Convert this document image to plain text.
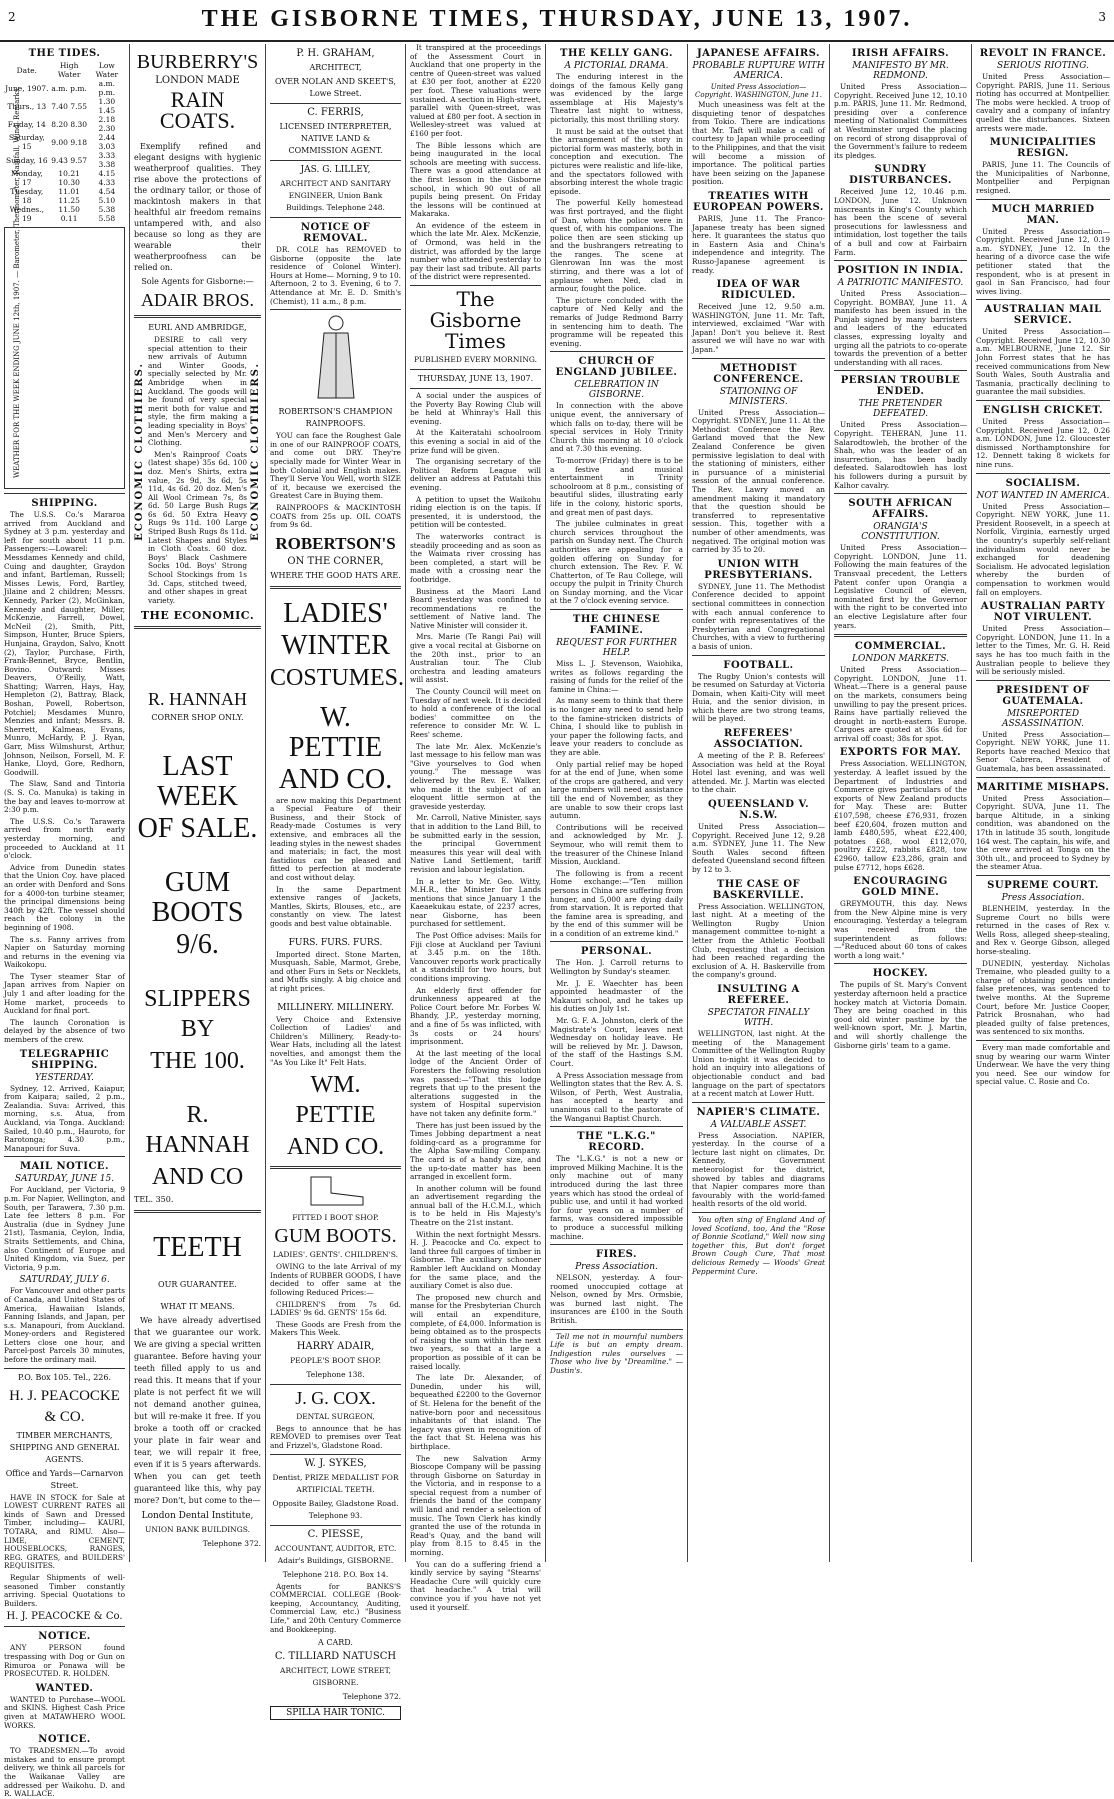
2	THE GISBORNE TIMES, THURSDAY, JUNE 13, 1907.	3
THE TIDES.
Date.	High Water	Low Water
June, 1907.	a.m. p.m.	a.m. p.m.
Thurs., 13	7.40 7.55	1.30 1.45
Friday, 14	8.20 8.30	2.18 2.30
Saturday, 15	9.00 9.18	2.44 3.03
Sunday, 16	9.43 9.57	3.33 3.38
Monday, 17	10.21 10.30	4.15 4.33
Tuesday, 18	11.01 11.25	4.54 5.10
Wednes., 19	11.50 0.11	5.38 5.58
WEATHER FOR THE WEEK ENDING JUNE 12th, 1907. — Barometer, Thermometer, Rainfall, Wind, Remarks.
SHIPPING.

The U.S.S. Co.'s Mararoa arrived from Auckland and Sydney at 3 p.m. yesterday and left for south about 11 p.m. Passengers:—Lowarel: Messdames Kennedy and child, Cuing and daughter, Graydon and infant, Bartleman, Russell; Misses Lewis, Ford, Bartley, Jilaine and 2 children; Messrs. Kennedy, Parker (2), McGinkan, Kennedy and daughter, Miller, McKenzie, Farrell, Dowel, McNeil (2), Smith, Pitt, Simpson, Hunter, Bruce Spiers, Hunjaina, Graydon, Salvo, Knott (2), Taylor, Purchase, Firth, Frank-Bennet, Bryce, Bentlin, Bovino. Outward: Misses Deavers, O'Reilly, Watt, Shatting; Warren, Hays, Hay, Hempleton (2), Battray, Black, Boshan, Powell, Robertson, Potchiel; Mesdames Munro, Menzies and infant; Messrs. B. Sherrett, Kalmeas, Evans, Munro, McHardy, P. J. Ryan, Garr, Miss Wilmshurst, Arthur, Johnson, Neilson, Forsell, M. F. Hanke, Lloyd, Gore, Redhorn, Goodwill.

The Slaw, Sand and Tintoria (S. S. Co. Manuka) is taking in the bay and leaves to-morrow at 2:30 p.m.

The U.S.S. Co.'s Tarawera arrived from north early yesterday morning, and proceeded to Auckland at 11 o'clock.

Advice from Dunedin states that the Union Coy. have placed an order with Denford and Sons for a 4000-ton turbine steamer, the principal dimensions being 340ft by 42ft. The vessel should reach the colony in the beginning of 1908.

The s.s. Fanny arrives from Napier on Saturday morning and returns in the evening via Waikokopu.

The Tyser steamer Star of Japan arrives from Napier on July 1 and after loading for the Home market, proceeds to Auckland for final port.

The launch Coronation is delayed by the absence of two members of the crew.

TELEGRAPHIC SHIPPING.
YESTERDAY.

Sydney, 12. Arrived, Kaiapur, from Kaipara; sailed, 2 p.m., Zealandia. Suva: Arrived, this morning, s.s. Atua, from Auckland, via Tonga. Auckland: Sailed, 10.40 p.m., Hauroto, for Rarotonga; 4.30 p.m., Manapouri for Suva.

MAIL NOTICE.
SATURDAY, JUNE 15.

For Auckland, per Victoria, 9 p.m. For Napier, Wellington, and South, per Tarawera, 7.30 p.m. Late fee letters 8 p.m. For Australia (due in Sydney June 21st), Tasmania, Ceylon, India, Straits Settlements, and China, also Continent of Europe and United Kingdom, via Suez, per Victoria, 9 p.m.

SATURDAY, JULY 6.

For Vancouver and other parts of Canada, and United States of America, Hawaiian Islands, Fanning Islands, and Japan, per s.s. Manapouri, from Auckland. Money-orders and Registered Letters close one hour, and Parcel-post Parcels 30 minutes, before the ordinary mail.

P.O. Box 105. Tel., 226.
H. J. PEACOCKE & CO.
TIMBER MERCHANTS, SHIPPING AND GENERAL AGENTS.
Office and Yards—Carnarvon Street.

HAVE IN STOCK for Sale at LOWEST CURRENT RATES all kinds of Sawn and Dressed Timber, including— KAURI, TOTARA, and RIMU. Also— LIME, CEMENT, HOUSEBLOCKS, RANGES, REG. GRATES, and BUILDERS' REQUISITES.

Regular Shipments of well-seasoned Timber constantly arriving. Special Quotations to Builders.

H. J. PEACOCKE & Co.
NOTICE.

ANY PERSON found trespassing with Dog or Gun on Rimuroa or Ponawa will be PROSECUTED. R. HOLDEN.

WANTED.

WANTED to Purchase—WOOL and SKINS. Highest Cash Price given at MATAWHERO WOOL WORKS.

NOTICE.

TO TRADESMEN.—To avoid mistakes and to ensure prompt delivery, we think all parcels for the Waikanae Valley are addressed per Waikohu. D. and R. WALLACE.

BURBERRY'S
LONDON MADE
RAIN COATS.

Exemplify refined and elegant designs with hygienic weatherproof qualities. They rise above the protections of the ordinary tailor, or those of mackintosh makers in that healthful air freedom remains untampered with, and also because so long as they are wearable their weatherproofness can be relied on.

Sole Agents for Gisborne:—
ADAIR BROS.
ECONOMIC CLOTHIERS.	ECONOMIC CLOTHIERS.
EURL AND AMBRIDGE,

DESIRE to call very special attention to their new arrivals of Autumn and Winter Goods, specially selected by Mr. Ambridge when in Auckland. The goods will be found of very special merit both for value and style, the firm making a leading speciality in Boys' and Men's Mercery and Clothing.

Men's Rainproof Coats (latest shape) 35s 6d. 100 doz. Men's Shirts, extra value, 2s 9d, 3s 6d, 5s 11d, 4s 6d. 20 doz. Men's All Wool Crimean 7s, 8s 6d. 50 Large Bush Rugs 6s 6d. 50 Extra Heavy Rugs 9s 11d. 100 Large Striped Bush Rugs 8s 11d. Latest Shapes and Styles in Cloth Coats. 60 doz. Boys' Black Cashmere Socks 10d. Boys' Strong School Stockings from 1s 3d. Caps, stitched tweed, and other shapes in great variety.

THE ECONOMIC.
R. HANNAH
CORNER SHOP ONLY.
LAST WEEK
OF SALE.
GUM BOOTS
9/6.
SLIPPERS BY
THE 100.
R. HANNAH
AND CO
TEL. 350.
TEETH
OUR GUARANTEE.
WHAT IT MEANS.

We have already advertised that we guarantee our work. We are giving a special written guarantee. Before having your teeth filled apply to us and read this. It means that if your plate is not perfect fit we will not demand another guinea, but will re-make it free. If you broke a tooth off or cracked your plate in fair wear and tear, we will repair it free, even if it is 5 years afterwards. When you can get teeth guaranteed like this, why pay more? Don't, but come to the—

London Dental Institute,
UNION BANK BUILDINGS.
Telephone 372.
P. H. GRAHAM,
ARCHITECT,
OVER NOLAN AND SKEET'S, Lowe Street.
C. FERRIS,
LICENSED INTERPRETER, NATIVE LAND & COMMISSION AGENT.
JAS. G. LILLEY,
ARCHITECT AND SANITARY ENGINEER, Union Bank Buildings. Telephone 248.
NOTICE OF REMOVAL.

DR. COLE has REMOVED to Gisborne (opposite the late residence of Colonel Winter). Hours at Home— Morning, 9 to 10. Afternoon, 2 to 3. Evening, 6 to 7. Attendance at Mr. E. D. Smith's (Chemist), 11 a.m., 8 p.m.

ROBERTSON'S CHAMPION RAINPROOFS.

YOU can face the Roughest Gale in one of our RAINPROOF COATS, and come out DRY. They're specially made for Winter Wear in both Colonial and English makes. They'll Serve You Well, worth SIZE of it, because we exercised the Greatest Care in Buying them.

RAINPROOFS & MACKINTOSH COATS from 25s up. OIL COATS from 9s 6d.

ROBERTSON'S
ON THE CORNER,
WHERE THE GOOD HATS ARE.
LADIES'
WINTER
COSTUMES.
W. PETTIE
AND CO.

are now making this Department a Special Feature of their Business, and their Stock of Ready-made Costumes is very extensive, and embraces all the leading styles in the newest shades and materials; in fact, the most fastidious can be pleased and fitted to perfection at moderate and cost without delay.

In the same Department extensive ranges of Jackets, Mantles, Skirts, Blouses, etc., are constantly on view. The latest goods and best value obtainable.

FURS. FURS. FURS.

Imported direct. Stone Marten, Musquash, Sable, Marmot, Grebe, and other Furs in Sets or Necklets, and Muffs singly. A big choice and at right prices.

MILLINERY. MILLINERY.

Very Choice and Extensive Collection of Ladies' and Children's Millinery, Ready-to-Wear Hats, including all the latest novelties, and amongst them the "As You Like It" Felt Hats.

WM. PETTIE
AND CO.
FITTED I BOOT SHOP.
GUM BOOTS.
LADIES'. GENTS'. CHILDREN'S.

OWING to the late Arrival of my Indents of RUBBER GOODS, I have decided to offer same at the following Reduced Prices:—

CHILDREN'S from 7s 6d. LADIES' 9s 6d. GENTS' 15s 6d.

These Goods are Fresh from the Makers This Week.

HARRY ADAIR,
PEOPLE'S BOOT SHOP.
Telephone 138.
J. G. COX.
DENTAL SURGEON,

Begs to announce that he has REMOVED to premises over Teat and Frizzel's, Gladstone Road.

W. J. SYKES,
Dentist, PRIZE MEDALLIST FOR ARTIFICIAL TEETH.
Opposite Bailey, Gladstone Road. Telephone 93.
C. PIESSE,
ACCOUNTANT, AUDITOR, ETC. Adair's Buildings, GISBORNE.
Telephone 218. P.O. Box 14.

Agents for BANKS'S COMMERCIAL COLLEGE (Book-keeping, Accountancy, Auditing, Commercial Law, etc.) "Business Life," and 20th Century Commerce and Bookkeeping.

A CARD.
C. TILLIARD NATUSCH
ARCHITECT, LOWE STREET, GISBORNE.
Telephone 372.
SPILLA HAIR TONIC.

It transpired at the proceedings of the Assessment Court in Auckland that one property in the centre of Queen-street was valued at £30 per foot, another at £220 per foot. These valuations were sustained. A section in High-street, parallel with Queen-street, was valued at £80 per foot. A section in Wellesley-street was valued at £160 per foot.

The Bible lessons which are being inaugurated in the local schools are meeting with success. There was a good attendance at the first lesson in the Gisborne school, in which 90 out of all pupils being present. On Friday the lessons will be continued at Makaraka.

An evidence of the esteem in which the late Mr. Alex. McKenzie, of Ormond, was held in the district, was afforded by the large number who attended yesterday to pay their last sad tribute. All parts of the district were represented.

The Gisborne Times
PUBLISHED EVERY MORNING.
THURSDAY, JUNE 13, 1907.

A social under the auspices of the Poverty Bay Rowing Club will be held at Whinray's Hall this evening.

At the Kaiteratahi schoolroom this evening a social in aid of the prize fund will be given.

The organising secretary of the Political Reform League will deliver an address at Patutahi this evening.

A petition to upset the Waikohu riding election is on the tapis. If presented, it is understood, the petition will be contested.

The waterworks contract is steadily proceeding and as soon as the Waimata river crossing has been completed, a start will be made with a crossing near the footbridge.

Business at the Maori Land Board yesterday was confined to recommendations re the settlement of Native land. The Native Minister will consider it.

Mrs. Marie (Te Rangi Pai) will give a vocal recital at Gisborne on the 20th inst., prior to an Australian tour. The Club orchestra and leading amateurs will assist.

The County Council will meet on Tuesday of next week. It is decided to hold a conference of the local bodies' committee on the reference to consider Mr. W. L. Rees' scheme.

The late Mr. Alex. McKenzie's last message to his fellow man was "Give yourselves to God when young." The message was delivered by the Rev. E. Walker, who made it the subject of an eloquent little sermon at the graveside yesterday.

Mr. Carroll, Native Minister, says that in addition to the Land Bill, to be submitted early in the session, the principal Government measures this year will deal with Native Land Settlement, tariff revision and labour legislation.

In a letter to Mr. Geo. Witty, M.H.R., the Minister for Lands mentions that since January 1 the Kaeaekukau estate, of 2237 acres, near Gisborne, has been purchased for settlement.

The Post Office advises: Mails for Fiji close at Auckland per Taviuni at 3.45 p.m. on the 18th. Vancouver reports work practically at a standstill for two hours, but conditions improving.

An elderly first offender for drunkenness appeared at the Police Court before Mr. Forbes W. Bhandy, J.P., yesterday morning, and a fine of 5s was inflicted, with 3s costs or 24 hours' imprisonment.

At the last meeting of the local lodge of the Ancient Order of Foresters the following resolution was passed:—"That this lodge regrets that up to the present the alterations suggested in the system of Hospital supervision have not taken any definite form."

There has just been issued by the Times Jobbing department a neat folding-card as a programme for the Alpha Saw-milling Company. The card is of a handy size, and the up-to-date matter has been arranged in excellent form.

In another column will be found an advertisement regarding the annual ball of the H.C.M.I., which is to be held in His Majesty's Theatre on the 21st instant.

Within the next fortnight Messrs. H. J. Peacocke and Co. expect to land three full cargoes of timber in Gisborne. The auxiliary schooner Rambler left Auckland on Monday for the same place, and the auxiliary Comet is also due.

The proposed new church and manse for the Presbyterian Church will entail an expenditure, complete, of £4,000. Information is being obtained as to the prospects of raising the sum within the next two years, so that a large a proportion as possible of it can be raised locally.

The late Dr. Alexander, of Dunedin, under his will, bequeathed £2200 to the Governor of St. Helena for the benefit of the native-born poor and necessitous inhabitants of that island. The legacy was given in recognition of the fact that St. Helena was his birthplace.

The new Salvation Army Bioscope Company will be passing through Gisborne on Saturday in the Victoria, and in response to a special request from a number of friends the band of the company will land and render a selection of music. The Town Clerk has kindly granted the use of the rotunda in Read's Quay, and the band will play from 8.15 to 8.45 in the morning.

You can do a suffering friend a kindly service by saying "Stearns' Headache Cure will quickly cure that headache." A trial will convince you if you have not yet used it yourself.

THE KELLY GANG.
A PICTORIAL DRAMA.

The enduring interest in the doings of the famous Kelly gang was evidenced by the large assemblage at His Majesty's Theatre last night to witness, pictorially, this most thrilling story.

It must be said at the outset that the arrangement of the story in pictorial form was masterly, both in conception and execution. The pictures were realistic and life-like, and the spectators followed with absorbing interest the whole tragic episode.

The powerful Kelly homestead was first portrayed, and the flight of Dan, whom the police were in quest of, with his companions. The police then are seen sticking up and the bushrangers retreating to the ranges. The scene at Glenrowan Inn was the most stirring, and there was a lot of applause when Ned, clad in armour, fought the police.

The picture concluded with the capture of Ned Kelly and the remarks of Judge Redmond Barry in sentencing him to death. The programme will be repeated this evening.

CHURCH OF ENGLAND JUBILEE.
CELEBRATION IN GISBORNE.

In connection with the above unique event, the anniversary of which falls on to-day, there will be special services in Holy Trinity Church this morning at 10 o'clock and at 7.30 this evening.

To-morrow (Friday) there is to be a festive and musical entertainment in Trinity schoolroom at 8 p.m., consisting of beautiful slides, illustrating early life in the colony, historic sports, and great men of past days.

The jubilee culminates in great church services throughout the parish on Sunday next. The Church authorities are appealing for a golden offering on Sunday for church extension. The Rev. F. W. Chatterton, of Te Rau College, will occupy the pulpit in Trinity Church on Sunday morning, and the Vicar at the 7 o'clock evening service.

THE CHINESE FAMINE.
REQUEST FOR FURTHER HELP.

Miss L. J. Stevenson, Waiohika, writes as follows regarding the raising of funds for the relief of the famine in China:—

As many seem to think that there is no longer any need to send help to the famine-stricken districts of China, I should like to publish in your paper the following facts, and leave your readers to conclude as they are able.

Only partial relief may be hoped for at the end of June, when some of the crops are gathered, and very large numbers will need assistance till the end of November, as they are unable to sow their crops last autumn.

Contributions will be received and acknowledged by Mr. J. Seymour, who will remit them to the treasurer of the Chinese Inland Mission, Auckland.

The following is from a recent Home exchange:—"Ten million persons in China are suffering from hunger, and 5,000 are dying daily from starvation. It is reported that the famine area is spreading, and by the end of this summer will be in a condition of an extreme kind."

PERSONAL.

The Hon. J. Carroll returns to Wellington by Sunday's steamer.

Mr. J. E. Waechter has been appointed headmaster of the Makauri school, and he takes up his duties on July 1st.

Mr. G. F. A. Johnston, clerk of the Magistrate's Court, leaves next Wednesday on holiday leave. He will be relieved by Mr. J. Dawson, of the staff of the Hastings S.M. Court.

A Press Association message from Wellington states that the Rev. A. S. Wilson, of Perth, West Australia, has accepted a hearty and unanimous call to the pastorate of the Wanganui Baptist Church.

THE "L.K.G." RECORD.

The "L.K.G." is not a new or improved Milking Machine. It is the only machine out of many introduced during the last three years which has stood the ordeal of public use, and until it had worked for four years on a number of farms, was considered impossible to produce a successful milking machine.

FIRES.
Press Association.

NELSON, yesterday. A four-roomed unoccupied cottage at Nelson, owned by Mrs. Ormsbie, was burned last night. The insurances are £100 in the South British.

Tell me not in mournful numbers Life is but an empty dream. Indigestion rules ourselves — Those who live by "Dreamline." —Dustin's.

JAPANESE AFFAIRS.
PROBABLE RUPTURE WITH AMERICA.
United Press Association—Copyright. WASHINGTON, June 11.

Much uneasiness was felt at the disquieting tenor of despatches from Tokio. There are indications that Mr. Taft will make a call of courtesy to Japan while proceeding to the Philippines, and that the visit will become a mission of importance. The political parties have been seizing on the Japanese position.

TREATIES WITH EUROPEAN POWERS.

PARIS, June 11. The Franco-Japanese treaty has been signed here. It guarantees the status quo in Eastern Asia and China's independence and integrity. The Russo-Japanese agreement is ready.

IDEA OF WAR RIDICULED.

Received June 12, 9.50 a.m. WASHINGTON, June 11. Mr. Taft, interviewed, exclaimed "War with Japan! Don't you believe it. Rest assured we will have no war with Japan."

METHODIST CONFERENCE.
STATIONING OF MINISTERS.

United Press Association—Copyright. SYDNEY, June 11. At the Methodist Conference the Rev. Garland moved that the New Zealand Conference be given permissive legislation to deal with the stationing of ministers, either in pursuance of a ministerial session of the annual conference. The Rev. Lawry moved an amendment making it mandatory that the question should be transferred to representative session. This, together with a number of other amendments, was negatived. The original motion was carried by 35 to 20.

UNION WITH PRESBYTERIANS.

SYDNEY, June 11. The Methodist Conference decided to appoint sectional committees in connection with each annual conference to confer with representatives of the Presbyterian and Congregational Churches, with a view to furthering a basis of union.

FOOTBALL.

The Rugby Union's contests will be resumed on Saturday at Victoria Domain, when Kaiti-City will meet Huia, and the senior division, in which there are two strong teams, will be played.

REFEREES' ASSOCIATION.

A meeting of the P. B. Referees' Association was held at the Royal Hotel last evening, and was well attended. Mr. J. Martin was elected to the chair.

QUEENSLAND V. N.S.W.

United Press Association—Copyright. Received June 12, 9.28 a.m. SYDNEY, June 11. The New South Wales second fifteen defeated Queensland second fifteen by 12 to 3.

THE CASE OF BASKERVILLE.

Press Association. WELLINGTON, last night. At a meeting of the Wellington Rugby Union management committee to-night a letter from the Athletic Football Club, requesting that a decision had been reached regarding the exclusion of A. H. Baskerville from the company's ground.

INSULTING A REFEREE.
SPECTATOR FINALLY WITH.

WELLINGTON, last night. At the meeting of the Management Committee of the Wellington Rugby Union to-night it was decided to hold an inquiry into allegations of objectionable conduct and bad language on the part of spectators at a recent match at Lower Hutt.

NAPIER'S CLIMATE.
A VALUABLE ASSET.

Press Association. NAPIER, yesterday. In the course of a lecture last night on climates, Dr. Kennedy, Government meteorologist for the district, showed by tables and diagrams that Napier compares more than favourably with the world-famed health resorts of the old world.

You often sing of England And of loved Scotland, too, And the "Rose of Bonnie Scotland," Well now sing together this, But don't forget Brown Cough Cure, That most delicious Remedy — Woods' Great Peppermint Cure.

IRISH AFFAIRS.
MANIFESTO BY MR. REDMOND.

United Press Association—Copyright. Received June 12, 10.10 p.m. PARIS, June 11. Mr. Redmond, presiding over a conference meeting of Nationalist Committees at Westminster urged the placing on record of strong disapproval of the Government's failure to redeem its pledges.

SUNDRY DISTURBANCES.

Received June 12, 10.46 p.m. LONDON, June 12. Unknown miscreants in King's County which has been the scene of several prosecutions for lawlessness and intimidation, lost together the tails of a bull and cow at Fairbairn Farm.

POSITION IN INDIA.
A PATRIOTIC MANIFESTO.

United Press Association—Copyright. BOMBAY, June 11. A manifesto has been issued in the Punjab signed by many barristers and leaders of the educated classes, expressing loyalty and urging all the patriots to co-operate towards the prevention of a better understanding with all races.

PERSIAN TROUBLE ENDED.
THE PRETENDER DEFEATED.

United Press Association—Copyright. TEHERAN, June 11. Salarodtowleh, the brother of the Shah, who was the leader of an insurrection, has been badly defeated. Salarodtowleh has lost his followers during a pursuit by Kalhor cavalry.

SOUTH AFRICAN AFFAIRS.
ORANGIA'S CONSTITUTION.

United Press Association—Copyright. LONDON, June 11. Following the main features of the Transvaal precedent, the Letters Patent confer upon Orangia a Legislative Council of eleven, nominated first by the Governor with the right to be converted into an elective Legislature after four years.

COMMERCIAL.
LONDON MARKETS.

United Press Association—Copyright. LONDON, June 11. Wheat.—There is a general pause on the markets, consumers being unwilling to pay the present prices. Rains have partially relieved the drought in north-eastern Europe. Cargoes are quoted at 36s 6d for arrival off coast; 38s for spot.

EXPORTS FOR MAY.

Press Association. WELLINGTON, yesterday. A leaflet issued by the Department of Industries and Commerce gives particulars of the exports of New Zealand products for May. These are: Butter £107,598, cheese £76,931, frozen beef £20,604, frozen mutton and lamb £480,595, wheat £22,400, potatoes £68, wool £112,070, poultry £222, rabbits £828, tow £2960, tallow £23,286, grain and pulse £7712, hops £628.

ENCOURAGING GOLD MINE.

GREYMOUTH, this day. News from the New Alpine mine is very encouraging. Yesterday a telegram was received from the superintendent as follows:—"Reduced about 60 tons of cakes worth a long wait."

HOCKEY.

The pupils of St. Mary's Convent yesterday afternoon held a practice hockey match at Victoria Domain. They are being coached in this good old winter pastime by the well-known sport, Mr. J. Martin, and will shortly challenge the Gisborne girls' team to a game.

REVOLT IN FRANCE.
SERIOUS RIOTING.

United Press Association—Copyright. PARIS, June 11. Serious rioting has occurred at Montpellier. The mobs were heckled. A troop of cavalry and a company of infantry quelled the disturbances. Sixteen arrests were made.

MUNICIPALITIES RESIGN.

PARIS, June 11. The Councils of the Municipalities of Narbonne, Montpellier and Perpignan resigned.

MUCH MARRIED MAN.

United Press Association—Copyright. Received June 12, 0.19 a.m. SYDNEY, June 12. In the hearing of a divorce case the wife petitioner stated that the respondent, who is at present in gaol in San Francisco, had four wives living.

AUSTRALIAN MAIL SERVICE.

United Press Association—Copyright. Received June 12, 10.30 a.m. MELBOURNE, June 12. Sir John Forrest states that he has received communications from New South Wales, South Australia and Tasmania, practically declining to guarantee the mail subsidies.

ENGLISH CRICKET.

United Press Association—Copyright. Received June 12, 0.26 a.m. LONDON, June 12. Gloucester dismissed Northamptonshire for 12. Dennett taking 8 wickets for nine runs.

SOCIALISM.
NOT WANTED IN AMERICA.

United Press Association—Copyright. NEW YORK, June 11. President Roosevelt, in a speech at Norfolk, Virginia, earnestly urged the country's superbly self-reliant individualism would never be exchanged for deadening Socialism. He advocated legislation whereby the burden of compensation to workmen would fall on employers.

AUSTRALIAN PARTY NOT VIRULENT.

United Press Association—Copyright. LONDON, June 11. In a letter to the Times, Mr. G. H. Reid says he has too much faith in the Australian people to believe they will be seriously misled.

PRESIDENT OF GUATEMALA.
MISREPORTED ASSASSINATION.

United Press Association—Copyright. NEW YORK, June 11. Reports have reached Mexico that Senor Cabrera, President of Guatemala, has been assassinated.

MARITIME MISHAPS.

United Press Association—Copyright. SUVA, June 11. The barque Altitude, in a sinking condition, was abandoned on the 17th in latitude 35 south, longitude 164 west. The captain, his wife, and the crew arrived at Tonga on the 30th ult., and proceed to Sydney by the steamer Atua.

SUPREME COURT.
Press Association.

BLENHEIM, yesterday. In the Supreme Court no bills were returned in the cases of Rex v. Wells Ross, alleged sheep-stealing, and Rex v. George Gibson, alleged horse-stealing.

DUNEDIN, yesterday. Nicholas Tremaine, who pleaded guilty to a charge of obtaining goods under false pretences, was sentenced to twelve months. At the Supreme Court, before Mr. Justice Cooper, Patrick Brosnahan, who had pleaded guilty of false pretences, was sentenced to six months.

Every man made comfortable and snug by wearing our warm Winter Underwear. We have the very thing you need. See our window for special value. C. Rosie and Co.
